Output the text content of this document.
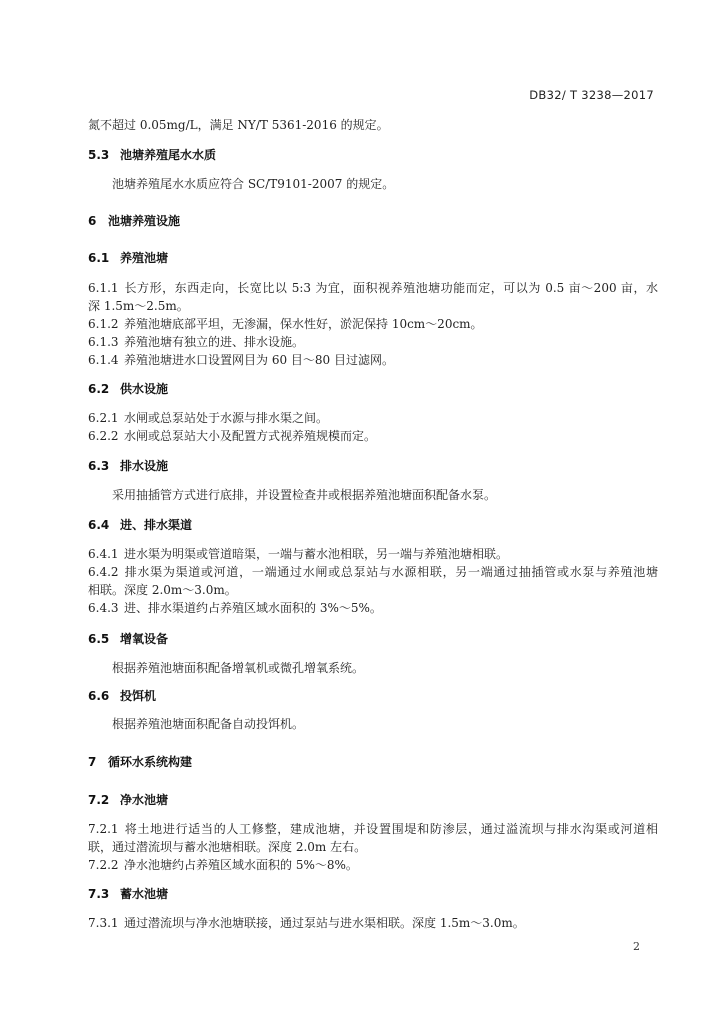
DB32/ T 3238—2017
氮不超过 0.05mg/L，满足 NY/T 5361-2016 的规定。
5.3 池塘养殖尾水水质
池塘养殖尾水水质应符合 SC/T9101-2007 的规定。
6 池塘养殖设施
6.1 养殖池塘
6.1.1 长方形，东西走向，长宽比以 5:3 为宜，面积视养殖池塘功能而定，可以为 0.5 亩～200 亩，水
深 1.5m～2.5m。
6.1.2 养殖池塘底部平坦，无渗漏，保水性好，淤泥保持 10cm～20cm。
6.1.3 养殖池塘有独立的进、排水设施。
6.1.4 养殖池塘进水口设置网目为 60 目～80 目过滤网。
6.2 供水设施
6.2.1 水闸或总泵站处于水源与排水渠之间。
6.2.2 水闸或总泵站大小及配置方式视养殖规模而定。
6.3 排水设施
采用抽插管方式进行底排，并设置检查井或根据养殖池塘面积配备水泵。
6.4 进、排水渠道
6.4.1 进水渠为明渠或管道暗渠，一端与蓄水池相联，另一端与养殖池塘相联。
6.4.2 排水渠为渠道或河道，一端通过水闸或总泵站与水源相联，另一端通过抽插管或水泵与养殖池塘
相联。深度 2.0m～3.0m。
6.4.3 进、排水渠道约占养殖区域水面积的 3%～5%。
6.5 增氧设备
根据养殖池塘面积配备增氧机或微孔增氧系统。
6.6 投饵机
根据养殖池塘面积配备自动投饵机。
7 循环水系统构建
7.2 净水池塘
7.2.1 将土地进行适当的人工修整，建成池塘，并设置围堤和防渗层，通过溢流坝与排水沟渠或河道相
联，通过潜流坝与蓄水池塘相联。深度 2.0m 左右。
7.2.2 净水池塘约占养殖区域水面积的 5%～8%。
7.3 蓄水池塘
7.3.1 通过潜流坝与净水池塘联接，通过泵站与进水渠相联。深度 1.5m～3.0m。
2
